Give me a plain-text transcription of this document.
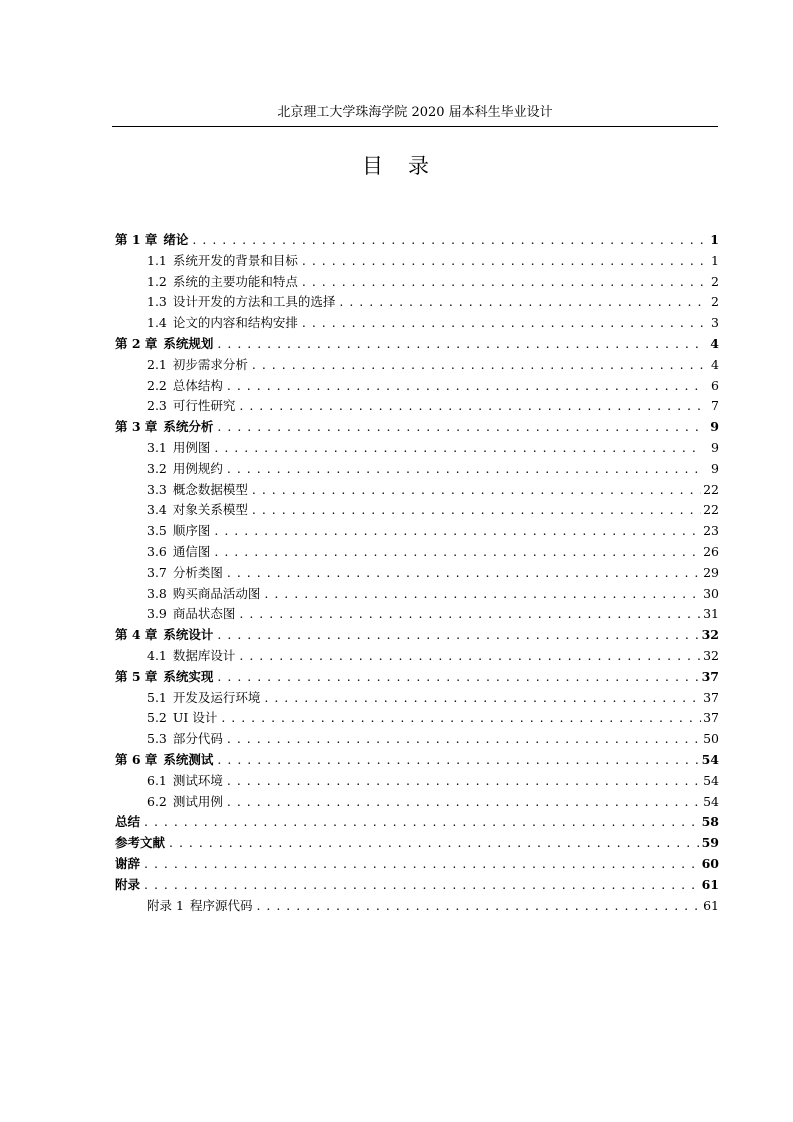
北京理工大学珠海学院 2020 届本科生毕业设计
目　录
第 1 章 绪论 . . .	1
1.1 系统开发的背景和目标 . . .	1
1.2 系统的主要功能和特点 . . .	2
1.3 设计开发的方法和工具的选择 . . .	2
1.4 论文的内容和结构安排 . . .	3
第 2 章 系统规划 . . .	4
2.1 初步需求分析 . . .	4
2.2 总体结构 . . .	6
2.3 可行性研究 . . .	7
第 3 章 系统分析 . . .	9
3.1 用例图 . . .	9
3.2 用例规约 . . .	9
3.3 概念数据模型 . . .	22
3.4 对象关系模型 . . .	22
3.5 顺序图 . . .	23
3.6 通信图 . . .	26
3.7 分析类图 . . .	29
3.8 购买商品活动图 . . .	30
3.9 商品状态图 . . .	31
第 4 章 系统设计 . . .	32
4.1 数据库设计 . . .	32
第 5 章 系统实现 . . .	37
5.1 开发及运行环境 . . .	37
5.2 UI 设计 . . .	37
5.3 部分代码 . . .	50
第 6 章 系统测试 . . .	54
6.1 测试环境 . . .	54
6.2 测试用例 . . .	54
总结 . . .	58
参考文献 . . .	59
谢辞 . . .	60
附录 . . .	61
附录 1 程序源代码 . . .	61
